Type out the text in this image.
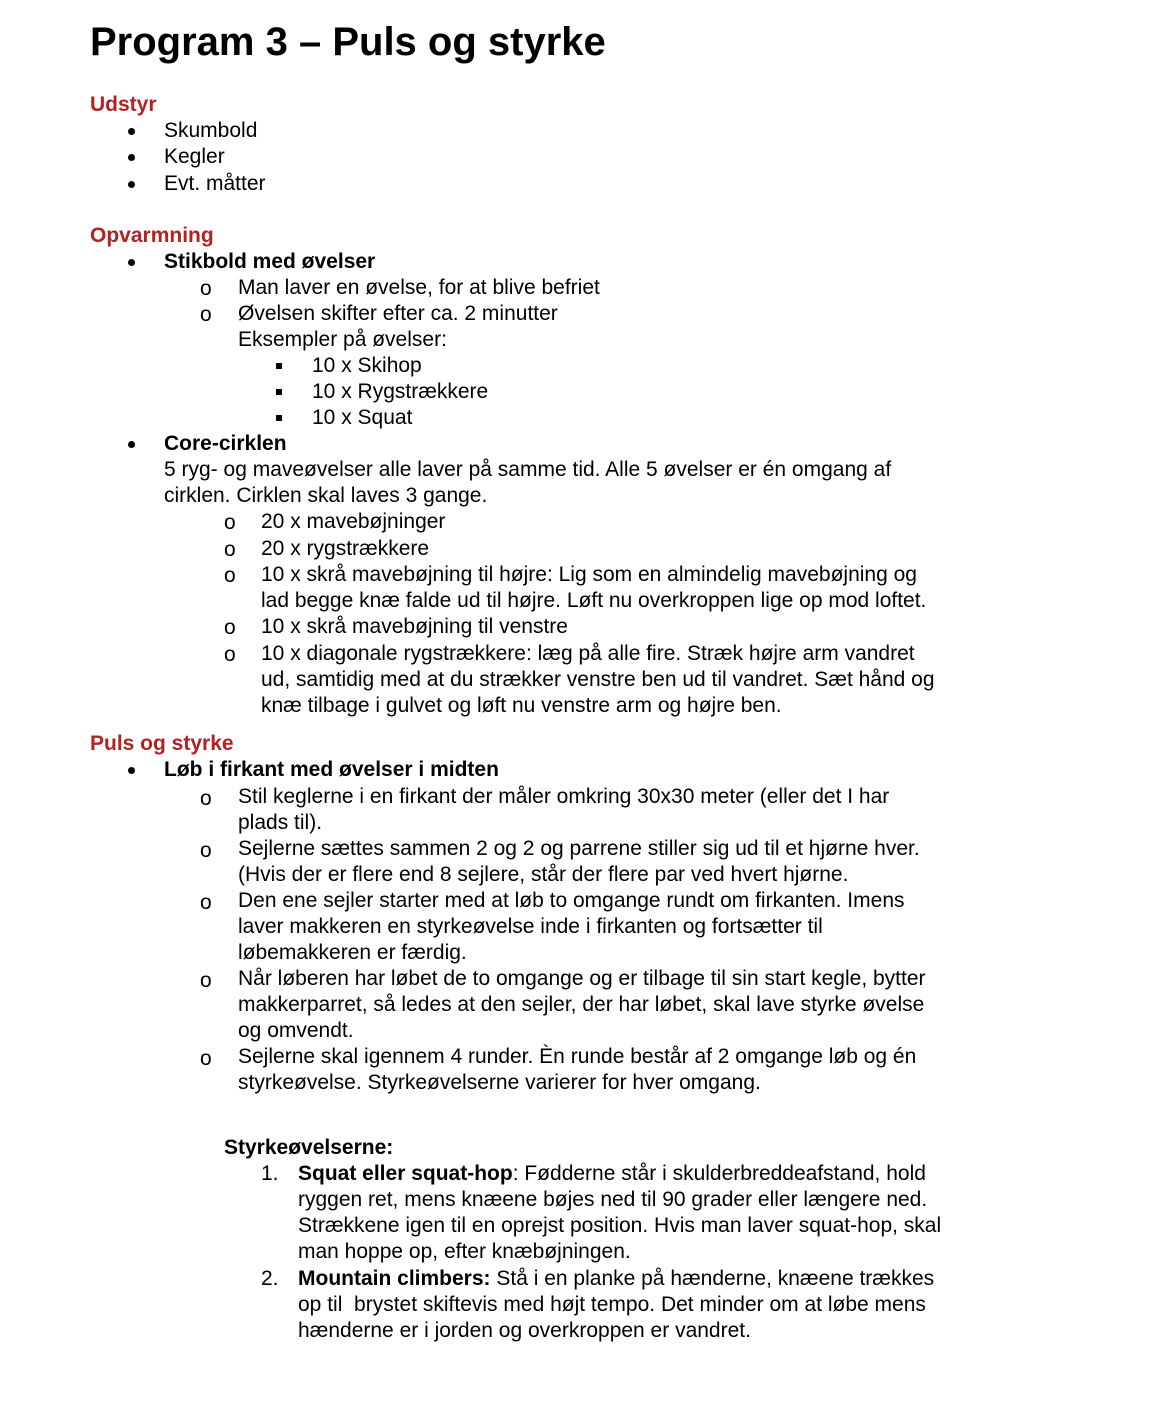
Program 3 – Puls og styrke
Udstyr
Skumbold
Kegler
Evt. måtter
Opvarmning
Stikbold med øvelser
o Man laver en øvelse, for at blive befriet
o Øvelsen skifter efter ca. 2 minutter
Eksempler på øvelser:
10 x Skihop
10 x Rygstrækkere
10 x Squat
Core-cirklen
5 ryg- og maveøvelser alle laver på samme tid. Alle 5 øvelser er én omgang af
cirklen. Cirklen skal laves 3 gange.
o 20 x mavebøjninger
o 20 x rygstrækkere
o 10 x skrå mavebøjning til højre: Lig som en almindelig mavebøjning og
lad begge knæ falde ud til højre. Løft nu overkroppen lige op mod loftet.
o 10 x skrå mavebøjning til venstre
o 10 x diagonale rygstrækkere: læg på alle fire. Stræk højre arm vandret
ud, samtidig med at du strækker venstre ben ud til vandret. Sæt hånd og
knæ tilbage i gulvet og løft nu venstre arm og højre ben.
Puls og styrke
Løb i firkant med øvelser i midten
o Stil keglerne i en firkant der måler omkring 30x30 meter (eller det I har
plads til).
o Sejlerne sættes sammen 2 og 2 og parrene stiller sig ud til et hjørne hver.
(Hvis der er flere end 8 sejlere, står der flere par ved hvert hjørne.
o Den ene sejler starter med at løb to omgange rundt om firkanten. Imens
laver makkeren en styrkeøvelse inde i firkanten og fortsætter til
løbemakkeren er færdig.
o Når løberen har løbet de to omgange og er tilbage til sin start kegle, bytter
makkerparret, så ledes at den sejler, der har løbet, skal lave styrke øvelse
og omvendt.
o Sejlerne skal igennem 4 runder. Èn runde består af 2 omgange løb og én
styrkeøvelse. Styrkeøvelserne varierer for hver omgang.
Styrkeøvelserne:
1. Squat eller squat-hop: Fødderne står i skulderbreddeafstand, hold
ryggen ret, mens knæene bøjes ned til 90 grader eller længere ned.
Strækkene igen til en oprejst position. Hvis man laver squat-hop, skal
man hoppe op, efter knæbøjningen.
2. Mountain climbers: Stå i en planke på hænderne, knæene trækkes
op til  brystet skiftevis med højt tempo. Det minder om at løbe mens
hænderne er i jorden og overkroppen er vandret.
